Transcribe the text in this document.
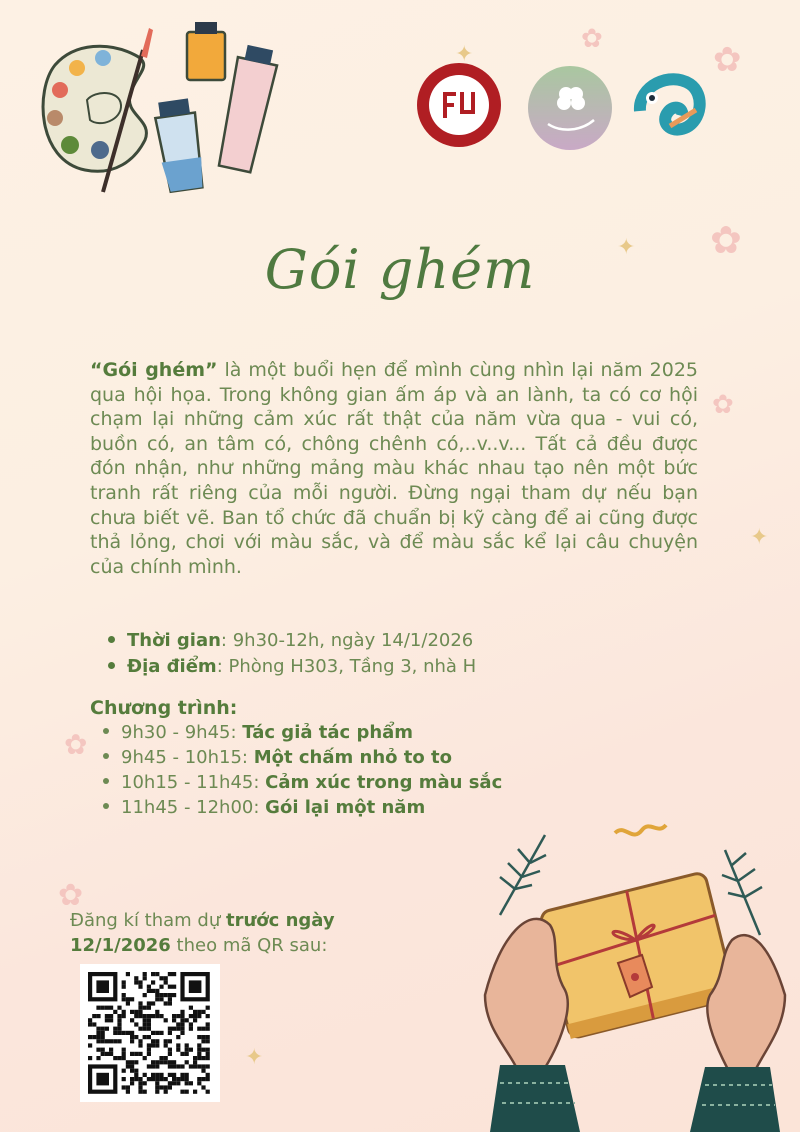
✦
✦
✦
✦
✿
✿
✿
✿
✿
✿
Gói ghém
“Gói ghém” là một buổi hẹn để mình cùng nhìn lại năm 2025 qua hội họa. Trong không gian ấm áp và an lành, ta có cơ hội chạm lại những cảm xúc rất thật của năm vừa qua - vui có, buồn có, an tâm có, chông chênh có,..v..v... Tất cả đều được đón nhận, như những mảng màu khác nhau tạo nên một bức tranh rất riêng của mỗi người. Đừng ngại tham dự nếu bạn chưa biết vẽ. Ban tổ chức đã chuẩn bị kỹ càng để ai cũng được thả lỏng, chơi với màu sắc, và để màu sắc kể lại câu chuyện của chính mình.
Thời gian: 9h30-12h, ngày 14/1/2026
Địa điểm: Phòng H303, Tầng 3, nhà H
Chương trình:
9h30 - 9h45: Tác giả tác phẩm
9h45 - 10h15: Một chấm nhỏ to to
10h15 - 11h45: Cảm xúc trong màu sắc
11h45 - 12h00: Gói lại một năm
Đăng kí tham dự trước ngày
12/1/2026 theo mã QR sau:
